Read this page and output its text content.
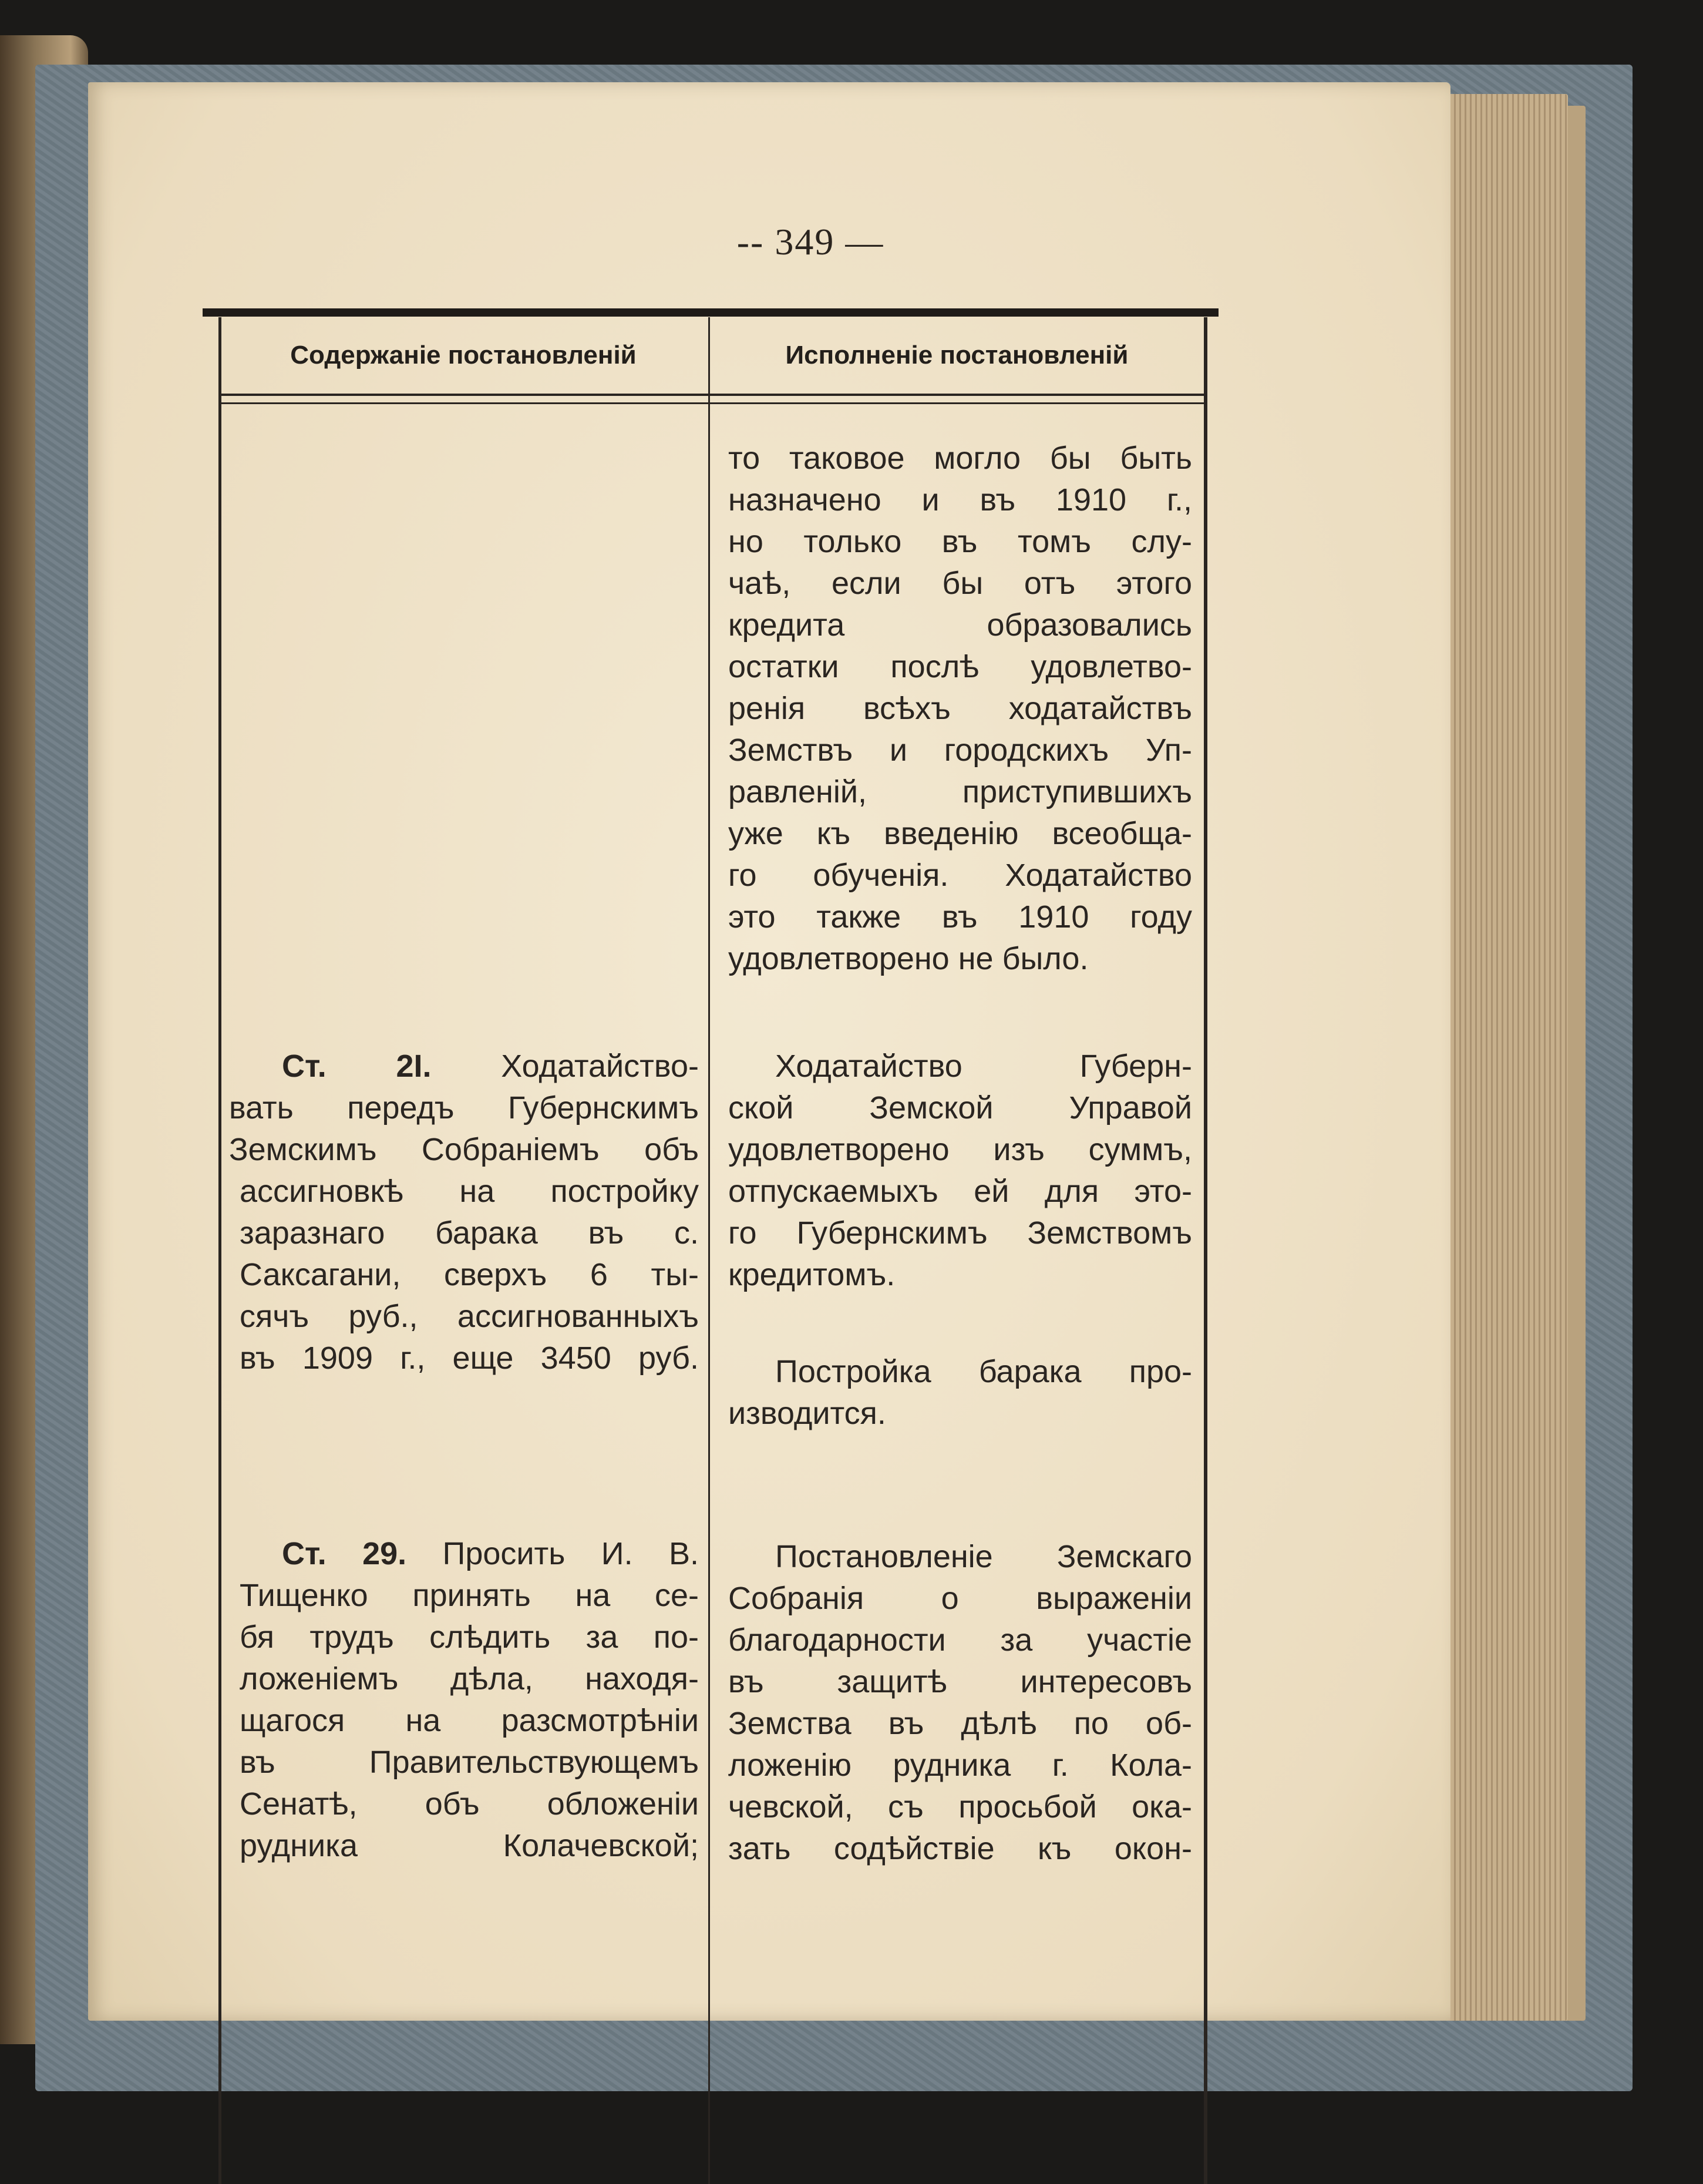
-- 349 —
Содержаніе постановленій	Исполненіе постановленій
то таковое могло бы быть
назначено и въ 1910 г.,
но только въ томъ слу-
чаѣ, если бы отъ этого
кредита образовались
остатки послѣ удовлетво-
ренія всѣхъ ходатайствъ
Земствъ и городскихъ Уп-
равленій, приступившихъ
уже къ введенію всеобща-
го обученія. Ходатайство
это также въ 1910 году
удовлетворено не было.
Ходатайство Губерн-
ской Земской Управой
удовлетворено изъ суммъ,
отпускаемыхъ ей для это-
го Губернскимъ Земствомъ
кредитомъ.
Постройка барака про-
изводится.
Постановленіе Земскаго
Собранія о выраженіи
благодарности за участіе
въ защитѣ интересовъ
Земства въ дѣлѣ по об-
ложенію рудника г. Кола-
чевской, съ просьбой ока-
зать содѣйствіе къ окон-
Ст. 2І. Ходатайство-
вать передъ Губернскимъ
Земскимъ Собраніемъ объ
ассигновкѣ на постройку
заразнаго барака въ с.
Саксагани, сверхъ 6 ты-
сячъ руб., ассигнованныхъ
въ 1909 г., еще 3450 руб.
Ст. 29. Просить И. В.
Тищенко принять на се-
бя трудъ слѣдить за по-
ложеніемъ дѣла, находя-
щагося на разсмотрѣніи
въ Правительствующемъ
Сенатѣ, объ обложеніи
рудника Колачевской;
